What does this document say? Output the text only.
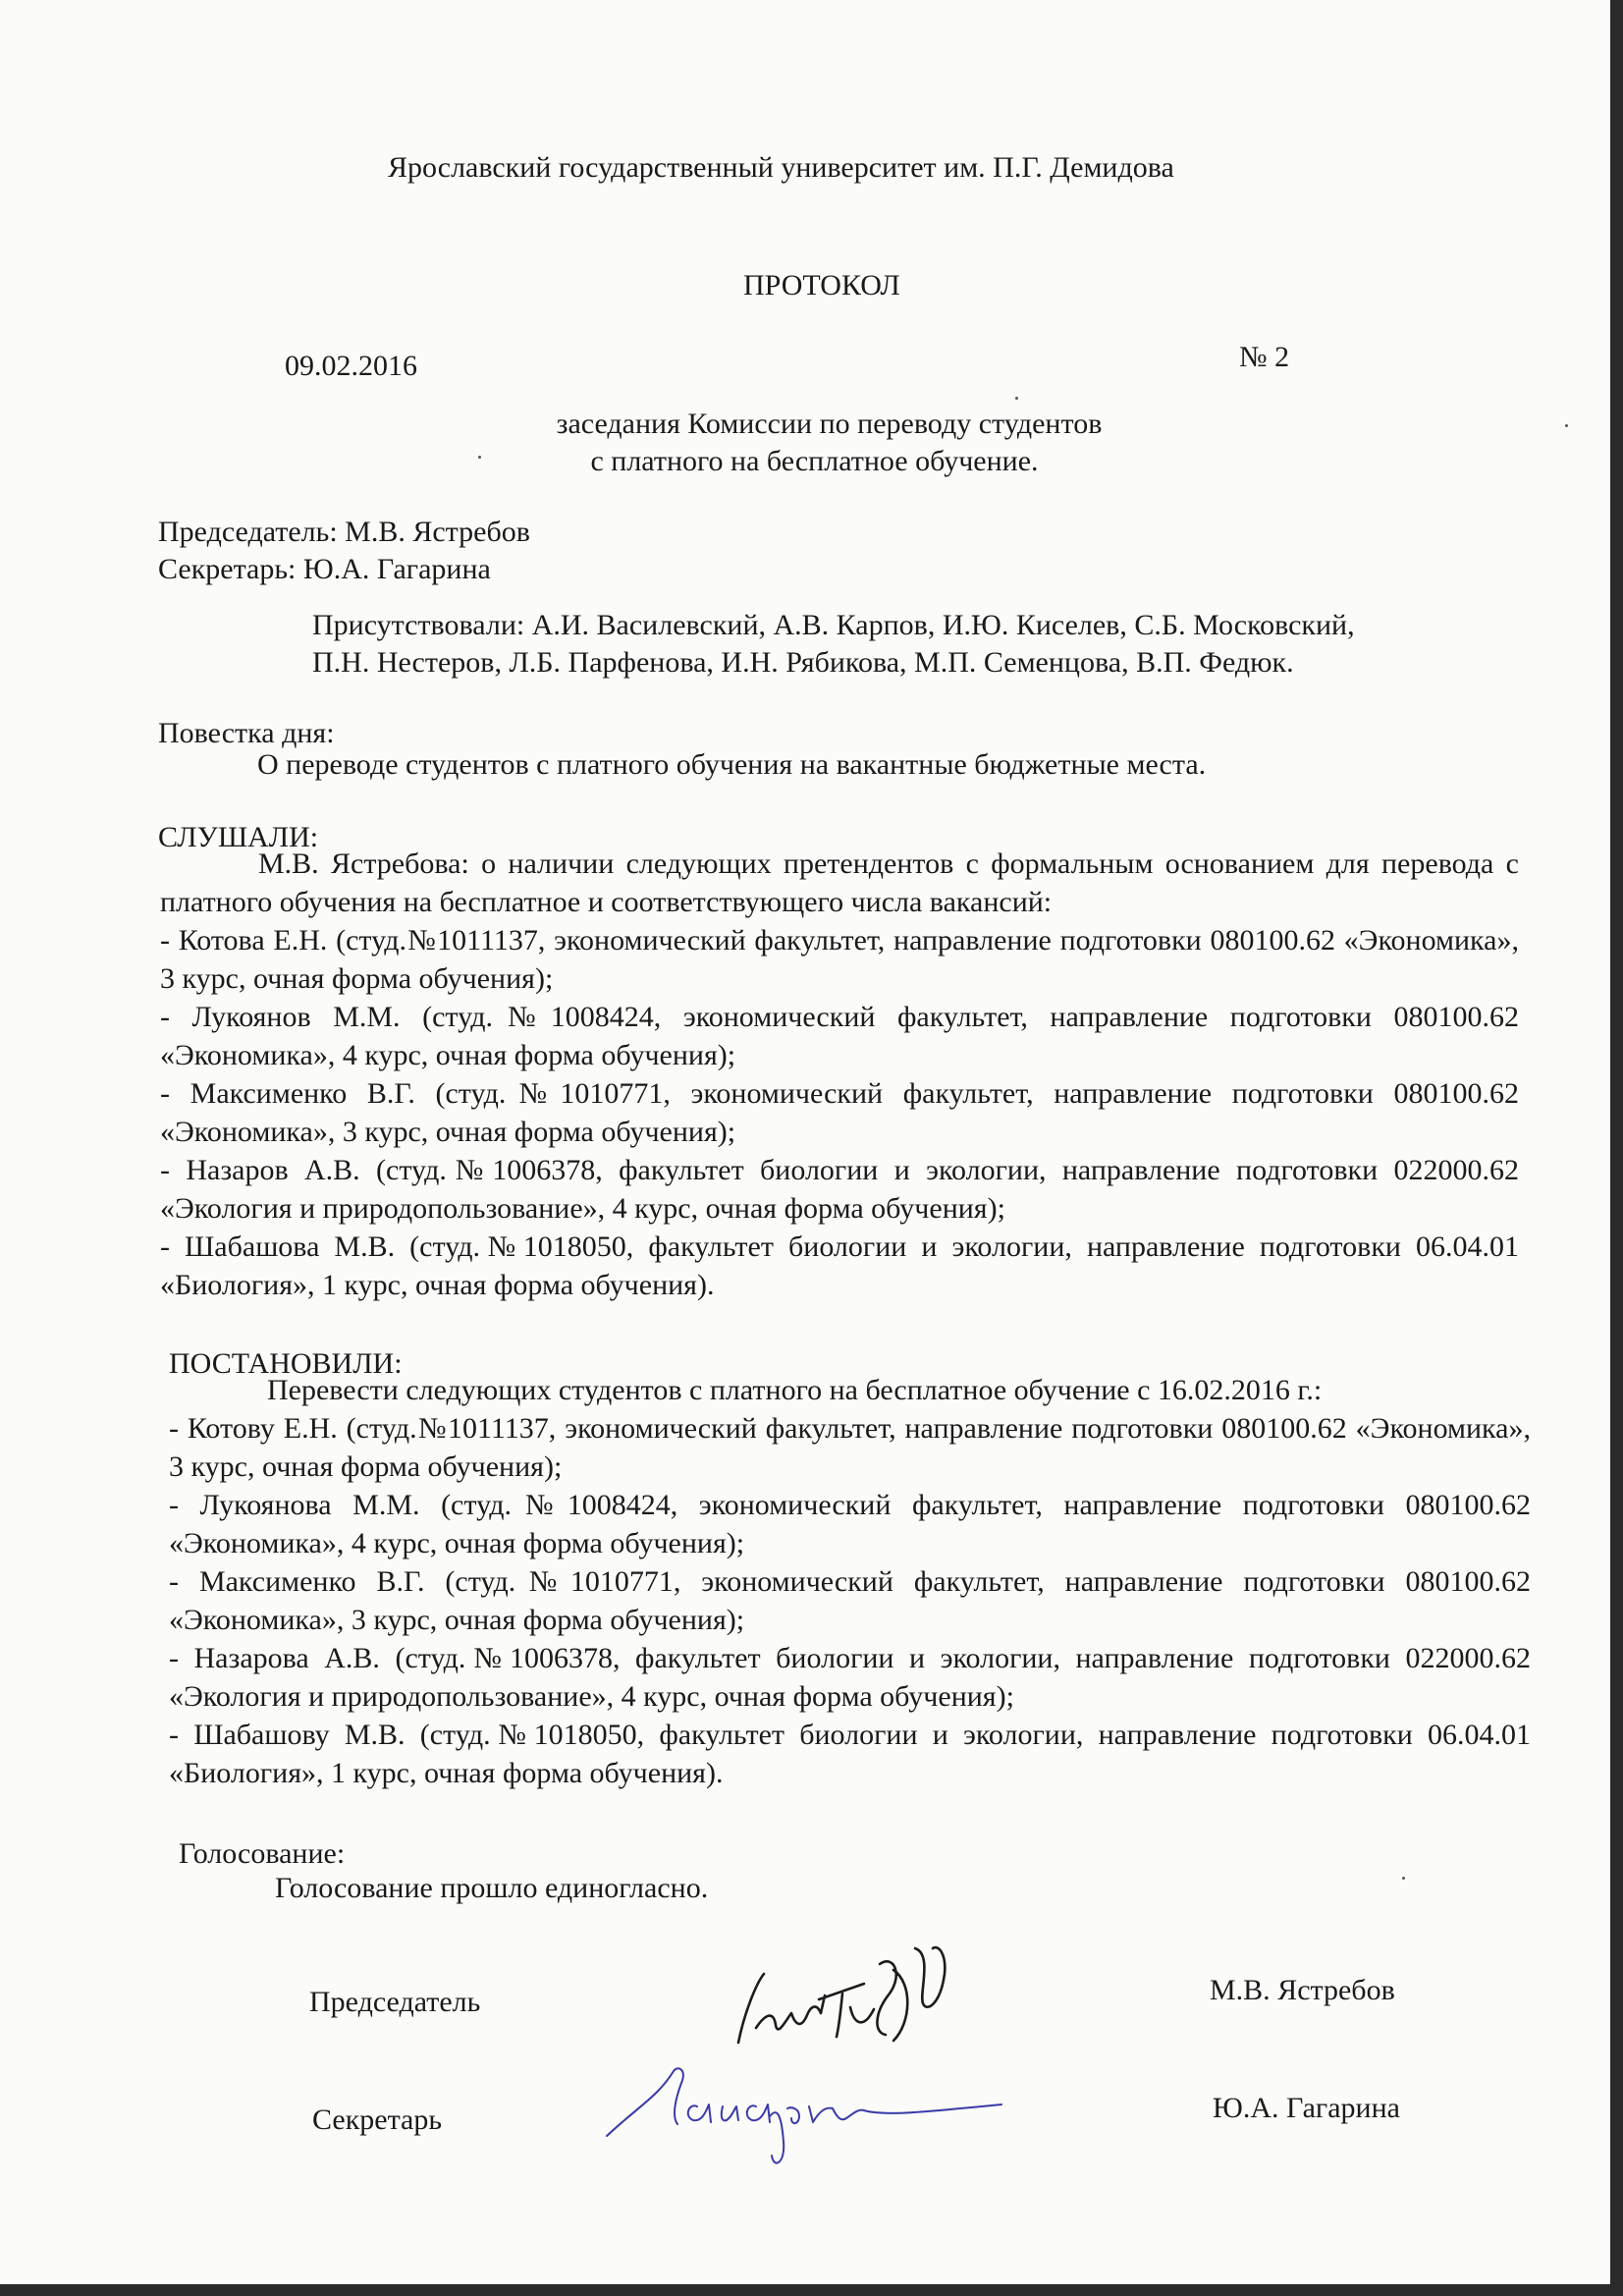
Ярославский государственный университет им. П.Г. Демидова
ПРОТОКОЛ
09.02.2016	№ 2
заседания Комиссии по переводу студентов
с платного на бесплатное обучение.
Председатель: М.В. Ястребов
Секретарь: Ю.А. Гагарина
Присутствовали: А.И. Василевский, А.В. Карпов, И.Ю. Киселев, С.Б. Московский,
П.Н. Нестеров, Л.Б. Парфенова, И.Н. Рябикова, М.П. Семенцова, В.П. Федюк.
Повестка дня:
О переводе студентов с платного обучения на вакантные бюджетные места.
СЛУШАЛИ:

М.В. Ястребова: о наличии следующих претендентов с формальным основанием для перевода с платного обучения на бесплатное и соответствующего числа вакансий:

- Котова Е.Н. (студ.№1011137, экономический факультет, направление подготовки 080100.62 «Экономика», 3 курс, очная форма обучения);

- Лукоянов М.М. (студ.№1008424, экономический факультет, направление подготовки 080100.62 «Экономика», 4 курс, очная форма обучения);

- Максименко В.Г. (студ.№1010771, экономический факультет, направление подготовки 080100.62 «Экономика», 3 курс, очная форма обучения);

- Назаров А.В. (студ.№1006378, факультет биологии и экологии, направление подготовки 022000.62 «Экология и природопользование», 4 курс, очная форма обучения);

- Шабашова М.В. (студ.№1018050, факультет биологии и экологии, направление подготовки 06.04.01 «Биология», 1 курс, очная форма обучения).

ПОСТАНОВИЛИ:

Перевести следующих студентов с платного на бесплатное обучение с 16.02.2016 г.:

- Котову Е.Н. (студ.№1011137, экономический факультет, направление подготовки 080100.62 «Экономика», 3 курс, очная форма обучения);

- Лукоянова М.М. (студ.№1008424, экономический факультет, направление подготовки 080100.62 «Экономика», 4 курс, очная форма обучения);

- Максименко В.Г. (студ.№1010771, экономический факультет, направление подготовки 080100.62 «Экономика», 3 курс, очная форма обучения);

- Назарова А.В. (студ.№1006378, факультет биологии и экологии, направление подготовки 022000.62 «Экология и природопользование», 4 курс, очная форма обучения);

- Шабашову М.В. (студ.№1018050, факультет биологии и экологии, направление подготовки 06.04.01 «Биология», 1 курс, очная форма обучения).

Голосование:
Голосование прошло единогласно.
Председатель	М.В. Ястребов
Секретарь	Ю.А. Гагарина
